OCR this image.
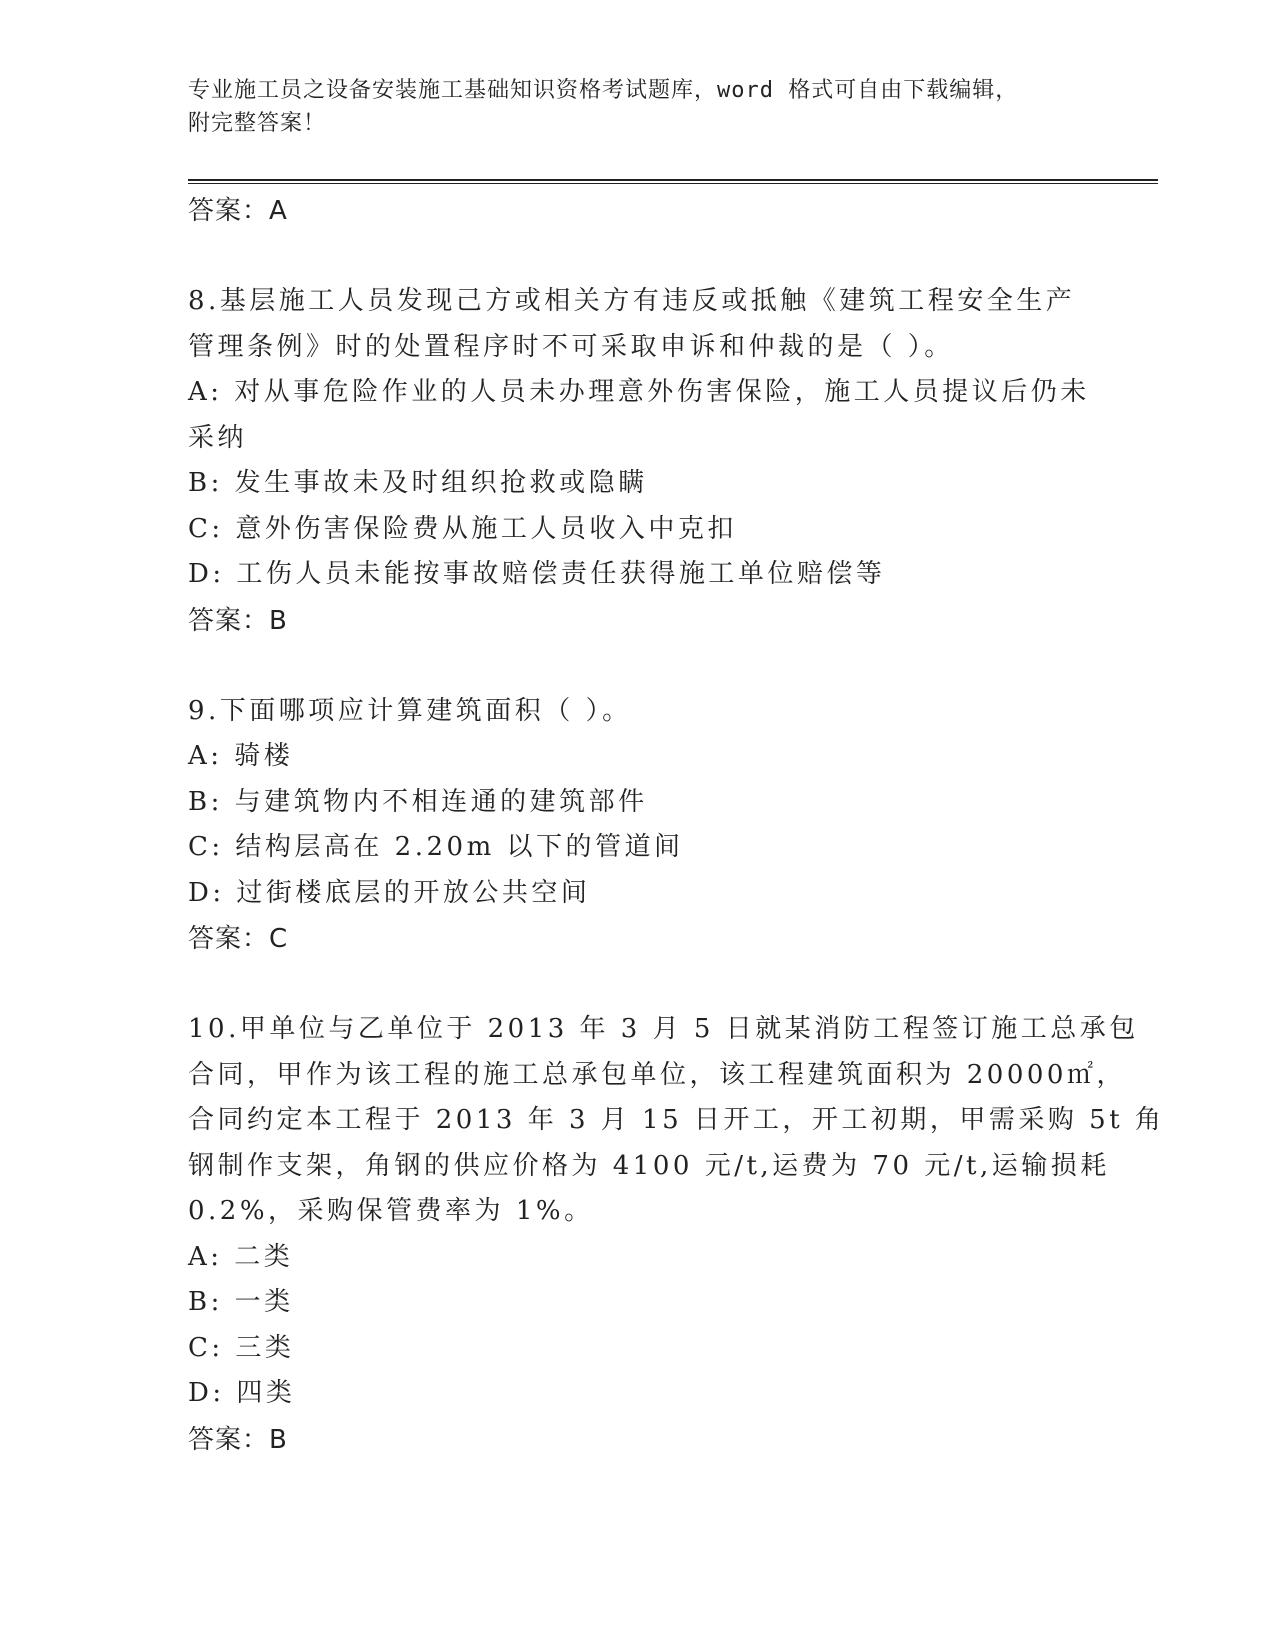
专业施工员之设备安装施工基础知识资格考试题库，word 格式可自由下载编辑，
附完整答案！

答案：A

8.基层施工人员发现己方或相关方有违反或抵触《建筑工程安全生产

管理条例》时的处置程序时不可采取申诉和仲裁的是（ ）。

A: 对从事危险作业的人员未办理意外伤害保险，施工人员提议后仍未

采纳

B: 发生事故未及时组织抢救或隐瞒

C: 意外伤害保险费从施工人员收入中克扣

D: 工伤人员未能按事故赔偿责任获得施工单位赔偿等

答案：B

9.下面哪项应计算建筑面积（ ）。

A: 骑楼

B: 与建筑物内不相连通的建筑部件

C: 结构层高在 2.20m 以下的管道间

D: 过街楼底层的开放公共空间

答案：C

10.甲单位与乙单位于 2013 年 3 月 5 日就某消防工程签订施工总承包

合同，甲作为该工程的施工总承包单位，该工程建筑面积为 20000㎡，

合同约定本工程于 2013 年 3 月 15 日开工，开工初期，甲需采购 5t 角

钢制作支架，角钢的供应价格为 4100 元/t,运费为 70 元/t,运输损耗

0.2%，采购保管费率为 1%。

A: 二类

B: 一类

C: 三类

D: 四类

答案：B
